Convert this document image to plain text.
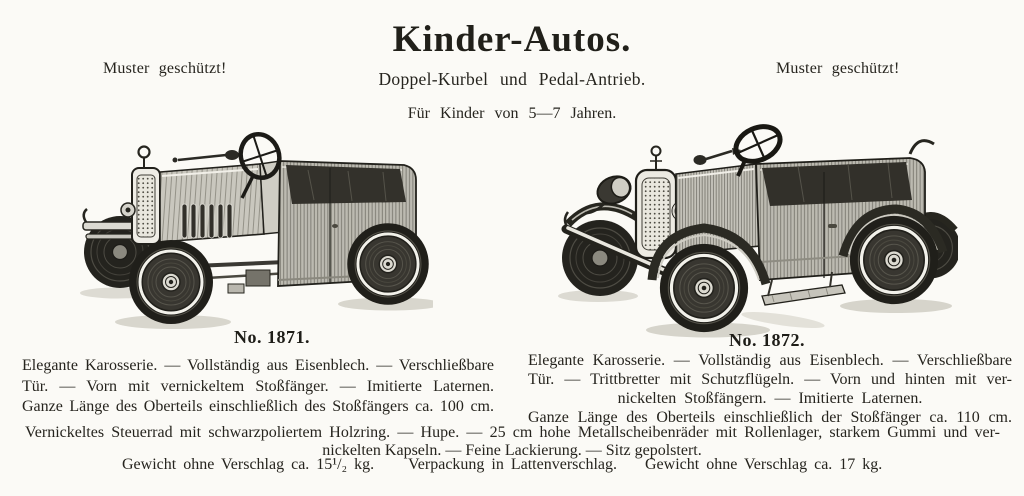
Kinder-Autos.
Doppel-Kurbel und Pedal-Antrieb.
Für Kinder von 5—7 Jahren.
Muster geschützt!	Muster geschützt!
No. 1871.	No. 1872.
Elegante Karosserie. — Vollständig aus Eisenblech. — Verschließbare
Tür. — Vorn mit vernickeltem Stoßfänger. — Imitierte Laternen.
Ganze Länge des Oberteils einschließlich des Stoßfängers ca. 100 cm.
Elegante Karosserie. — Vollständig aus Eisenblech. — Verschließbare
Tür. — Trittbretter mit Schutzflügeln. — Vorn und hinten mit ver-
nickelten Stoßfängern. — Imitierte Laternen.
Ganze Länge des Oberteils einschließlich der Stoßfänger ca. 110 cm.
Vernickeltes Steuerrad mit schwarzpoliertem Holzring. — Hupe. — 25 cm hohe Metallscheibenräder mit Rollenlager, starkem Gummi und ver-
nickelten Kapseln. — Feine Lackierung. — Sitz gepolstert.
Gewicht ohne Verschlag ca. 15¹/₂ kg. Verpackung in Lattenverschlag. Gewicht ohne Verschlag ca. 17 kg.
